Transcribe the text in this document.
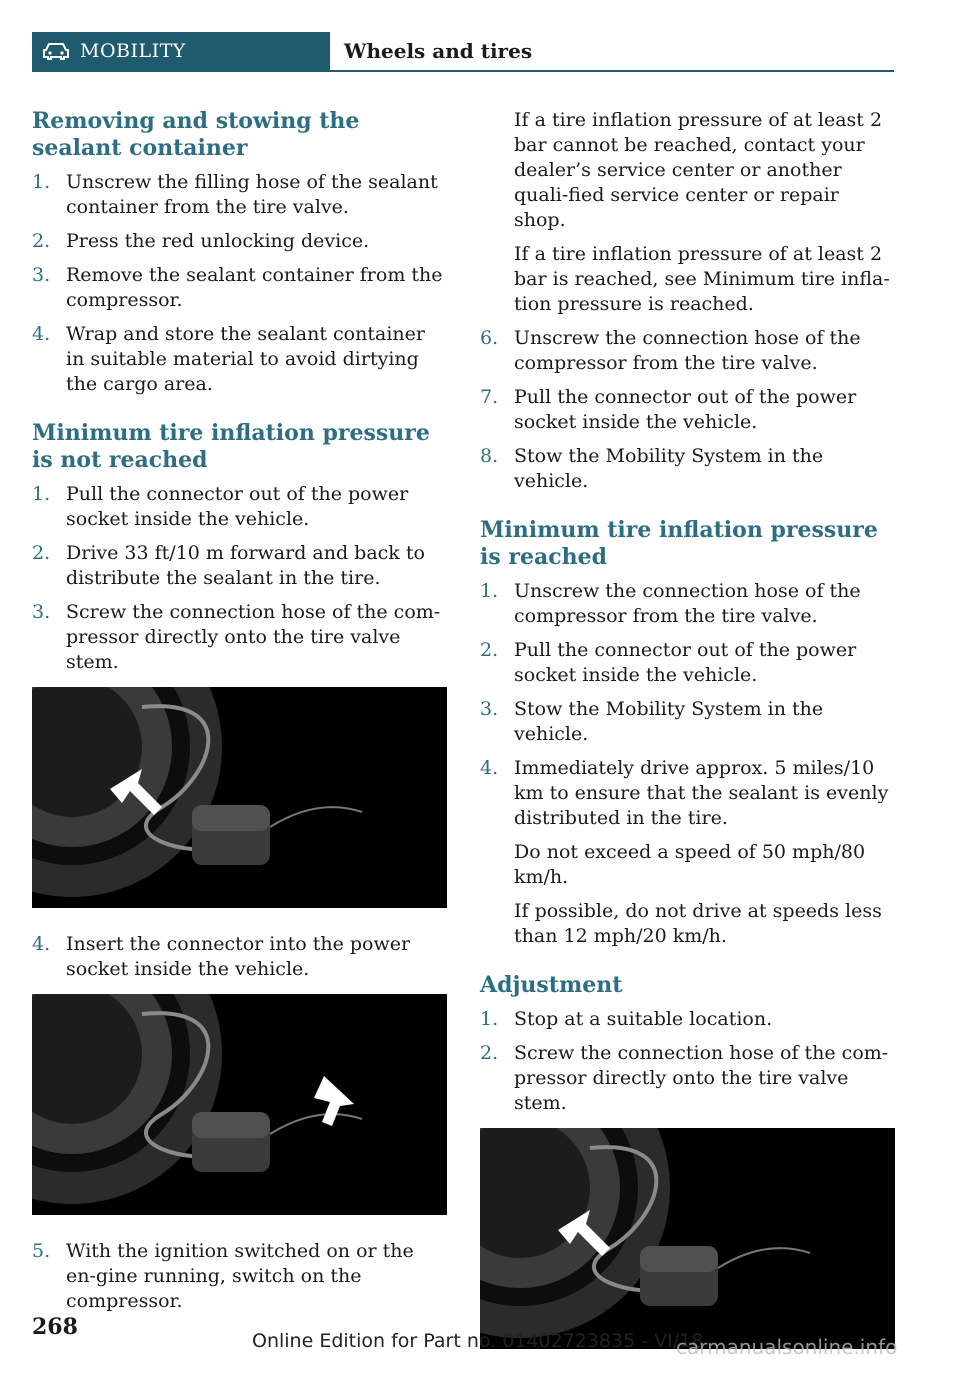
MOBILITY	Wheels and tires
Removing and stowing the sealant container
1. Unscrew the filling hose of the sealant container from the tire valve.
2. Press the red unlocking device.
3. Remove the sealant container from the compressor.
4. Wrap and store the sealant container in suitable material to avoid dirtying the cargo area.
Minimum tire inflation pressure is not reached
1. Pull the connector out of the power socket inside the vehicle.
2. Drive 33 ft/10 m forward and back to distribute the sealant in the tire.
3. Screw the connection hose of the com-pressor directly onto the tire valve stem.
4. Insert the connector into the power socket inside the vehicle.
5. With the ignition switched on or the en-gine running, switch on the compressor.
If a tire inflation pressure of at least 2 bar cannot be reached, contact your dealer’s service center or another quali-fied service center or repair shop.
If a tire inflation pressure of at least 2 bar is reached, see Minimum tire infla-tion pressure is reached.
6. Unscrew the connection hose of the compressor from the tire valve.
7. Pull the connector out of the power socket inside the vehicle.
8. Stow the Mobility System in the vehicle.
Minimum tire inflation pressure is reached
1. Unscrew the connection hose of the compressor from the tire valve.
2. Pull the connector out of the power socket inside the vehicle.
3. Stow the Mobility System in the vehicle.
4. Immediately drive approx. 5 miles/10 km to ensure that the sealant is evenly distributed in the tire.
Do not exceed a speed of 50 mph/80 km/h.
If possible, do not drive at speeds less than 12 mph/20 km/h.
Adjustment
1. Stop at a suitable location.
2. Screw the connection hose of the com-pressor directly onto the tire valve stem.
268
Online Edition for Part no. 01402723835 - VI/18
carmanualsonline.info
